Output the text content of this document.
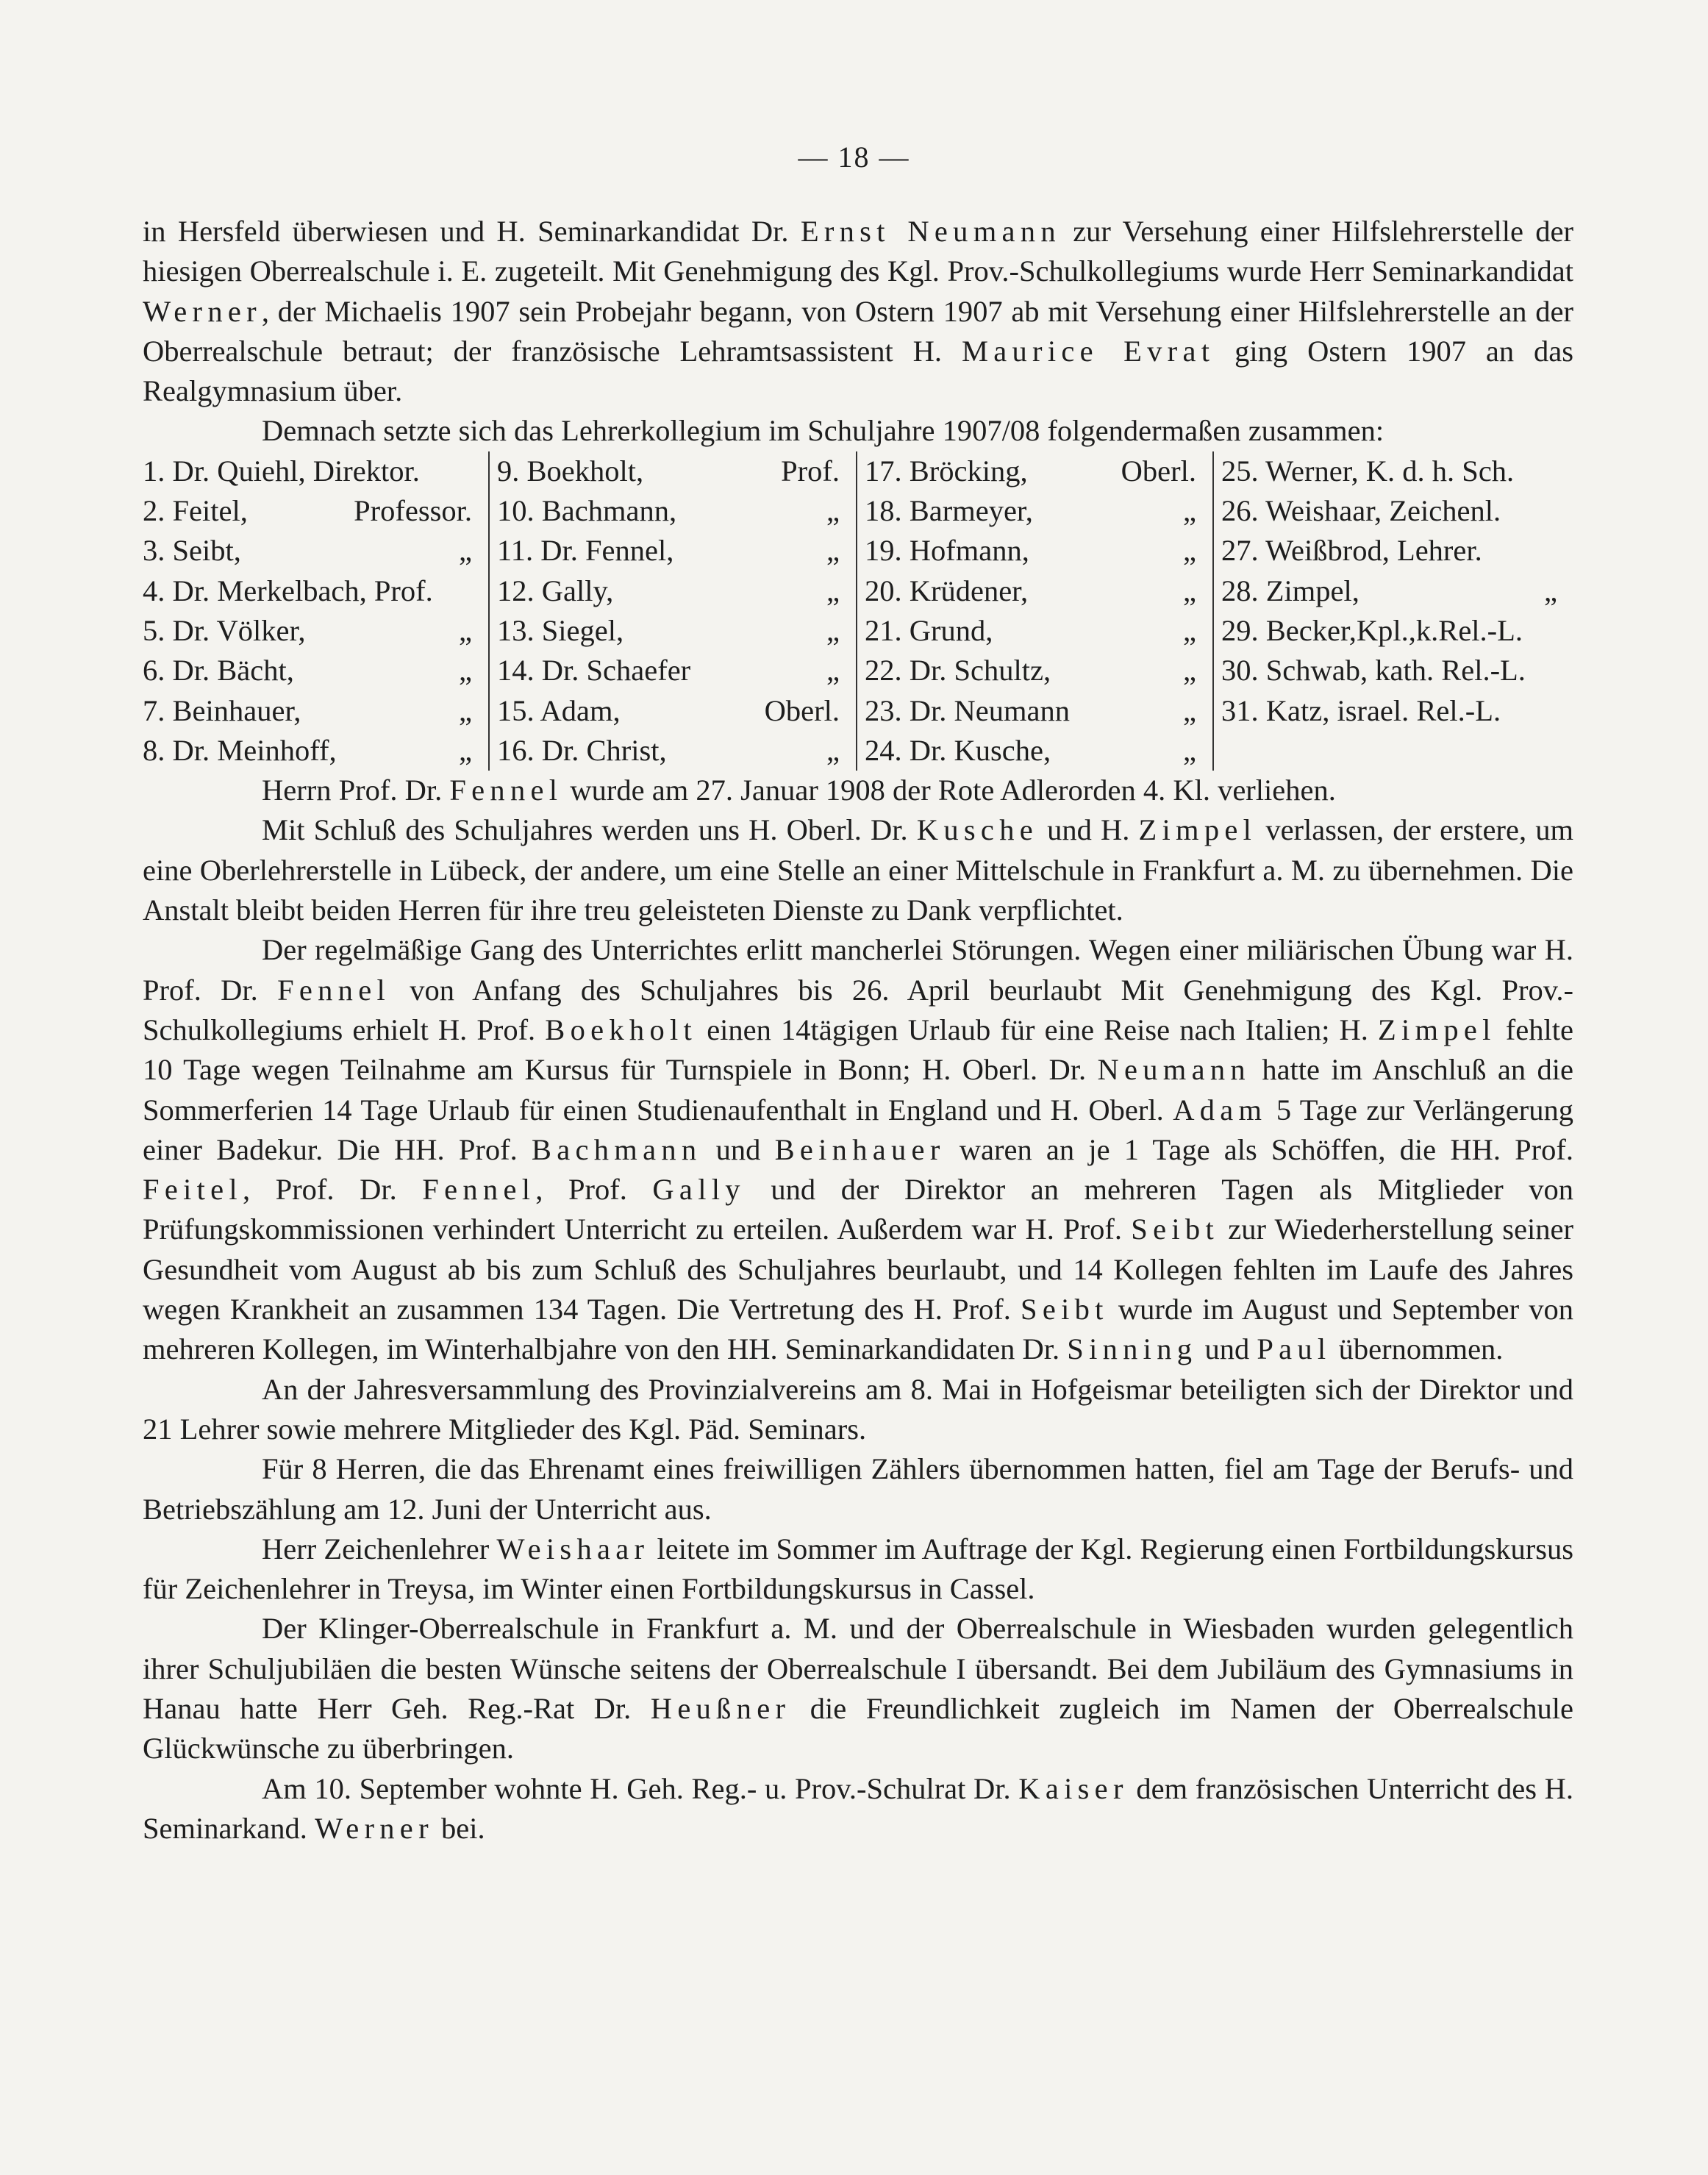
— 18 —

in Hersfeld überwiesen und H. Seminarkandidat Dr. Ernst Neumann zur Versehung einer Hilfslehrerstelle der hiesigen Oberrealschule i. E. zugeteilt. Mit Genehmigung des Kgl. Prov.-Schulkollegiums wurde Herr Seminarkandidat Werner, der Michaelis 1907 sein Probejahr begann, von Ostern 1907 ab mit Versehung einer Hilfslehrerstelle an der Oberrealschule betraut; der französische Lehramtsassistent H. Maurice Evrat ging Ostern 1907 an das Realgymnasium über.

Demnach setzte sich das Lehrerkollegium im Schuljahre 1907/08 folgendermaßen zusammen:

1. Dr. Quiehl, Direktor.
2. Feitel,	Professor.
3. Seibt,	„
4. Dr. Merkelbach, Prof.
5. Dr. Völker,	„
6. Dr. Bächt,	„
7. Beinhauer,	„
8. Dr. Meinhoff,	„
9. Boekholt,	Prof.
10. Bachmann,	„
11. Dr. Fennel,	„
12. Gally,	„
13. Siegel,	„
14. Dr. Schaefer	„
15. Adam,	Oberl.
16. Dr. Christ,	„
17. Bröcking,	Oberl.
18. Barmeyer,	„
19. Hofmann,	„
20. Krüdener,	„
21. Grund,	„
22. Dr. Schultz,	„
23. Dr. Neumann	„
24. Dr. Kusche,	„
25. Werner, K. d. h. Sch.
26. Weishaar, Zeichenl.
27. Weißbrod, Lehrer.
28. Zimpel,	„
29. Becker,Kpl.,k.Rel.-L.
30. Schwab, kath. Rel.-L.
31. Katz, israel. Rel.-L.

Herrn Prof. Dr. Fennel wurde am 27. Januar 1908 der Rote Adlerorden 4. Kl. verliehen.

Mit Schluß des Schuljahres werden uns H. Oberl. Dr. Kusche und H. Zimpel verlassen, der erstere, um eine Oberlehrerstelle in Lübeck, der andere, um eine Stelle an einer Mittelschule in Frankfurt a. M. zu übernehmen. Die Anstalt bleibt beiden Herren für ihre treu geleisteten Dienste zu Dank verpflichtet.

Der regelmäßige Gang des Unterrichtes erlitt mancherlei Störungen. Wegen einer miliärischen Übung war H. Prof. Dr. Fennel von Anfang des Schuljahres bis 26. April beurlaubt Mit Genehmigung des Kgl. Prov.-Schulkollegiums erhielt H. Prof. Boekholt einen 14tägigen Urlaub für eine Reise nach Italien; H. Zimpel fehlte 10 Tage wegen Teilnahme am Kursus für Turnspiele in Bonn; H. Oberl. Dr. Neumann hatte im Anschluß an die Sommerferien 14 Tage Urlaub für einen Studienaufenthalt in England und H. Oberl. Adam 5 Tage zur Verlängerung einer Badekur. Die HH. Prof. Bachmann und Beinhauer waren an je 1 Tage als Schöffen, die HH. Prof. Feitel, Prof. Dr. Fennel, Prof. Gally und der Direktor an mehreren Tagen als Mitglieder von Prüfungskommissionen verhindert Unterricht zu erteilen. Außerdem war H. Prof. Seibt zur Wiederherstellung seiner Gesundheit vom August ab bis zum Schluß des Schuljahres beurlaubt, und 14 Kollegen fehlten im Laufe des Jahres wegen Krankheit an zusammen 134 Tagen. Die Vertretung des H. Prof. Seibt wurde im August und September von mehreren Kollegen, im Winterhalbjahre von den HH. Seminarkandidaten Dr. Sinning und Paul übernommen.

An der Jahresversammlung des Provinzialvereins am 8. Mai in Hofgeismar beteiligten sich der Direktor und 21 Lehrer sowie mehrere Mitglieder des Kgl. Päd. Seminars.

Für 8 Herren, die das Ehrenamt eines freiwilligen Zählers übernommen hatten, fiel am Tage der Berufs- und Betriebszählung am 12. Juni der Unterricht aus.

Herr Zeichenlehrer Weishaar leitete im Sommer im Auftrage der Kgl. Regierung einen Fortbildungskursus für Zeichenlehrer in Treysa, im Winter einen Fortbildungskursus in Cassel.

Der Klinger-Oberrealschule in Frankfurt a. M. und der Oberrealschule in Wiesbaden wurden gelegentlich ihrer Schuljubiläen die besten Wünsche seitens der Oberrealschule I übersandt. Bei dem Jubiläum des Gymnasiums in Hanau hatte Herr Geh. Reg.-Rat Dr. Heußner die Freundlichkeit zugleich im Namen der Oberrealschule Glückwünsche zu überbringen.

Am 10. September wohnte H. Geh. Reg.- u. Prov.-Schulrat Dr. Kaiser dem französischen Unterricht des H. Seminarkand. Werner bei.
